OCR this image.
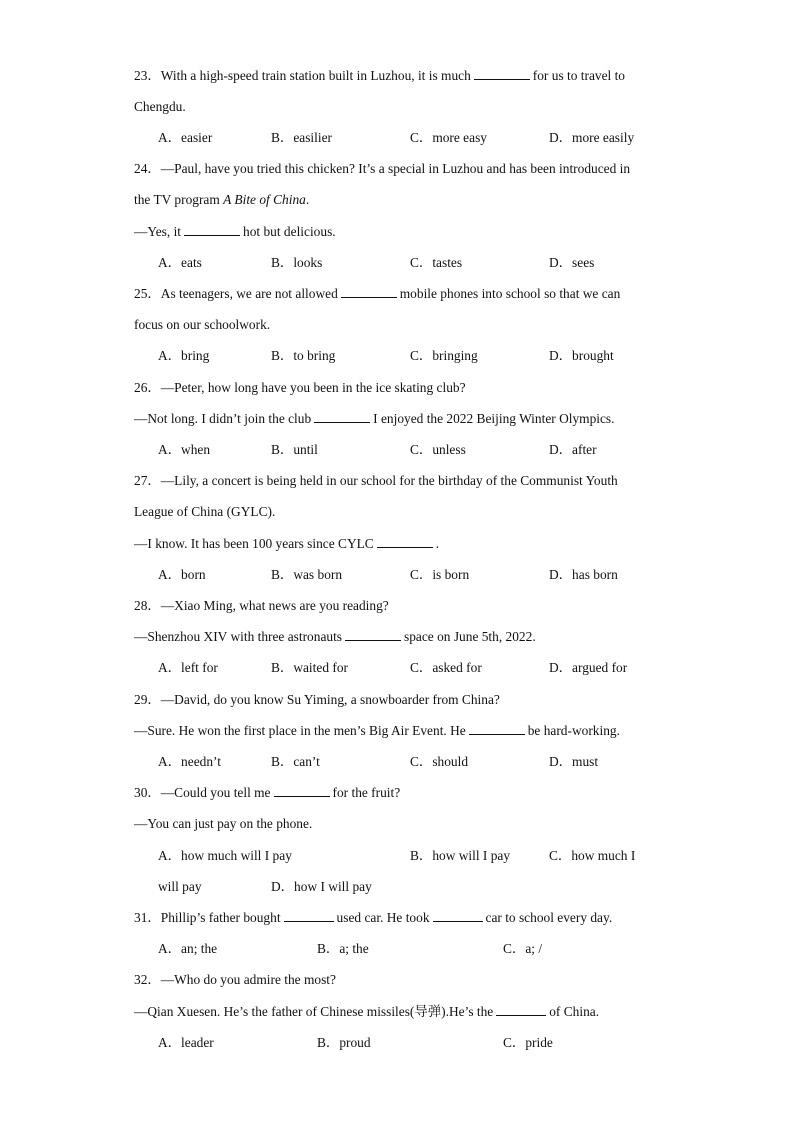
23．With a high-speed train station built in Luzhou, it is much	for us to travel to
Chengdu.
A．easier	B．easilier	C．more easy	D．more easily
24．—Paul, have you tried this chicken? It’s a special in Luzhou and has been introduced in
the TV program A Bite of China.
—Yes, it	hot but delicious.
A．eats	B．looks	C．tastes	D．sees
25．As teenagers, we are not allowed	mobile phones into school so that we can
focus on our schoolwork.
A．bring	B．to bring	C．bringing	D．brought
26．—Peter, how long have you been in the ice skating club?
—Not long. I didn’t join the club	I enjoyed the 2022 Beijing Winter Olympics.
A．when	B．until	C．unless	D．after
27．—Lily, a concert is being held in our school for the birthday of the Communist Youth
League of China (GYLC).
—I know. It has been 100 years since CYLC	.
A．born	B．was born	C．is born	D．has born
28．—Xiao Ming, what news are you reading?
—Shenzhou XIV with three astronauts	space on June 5th, 2022.
A．left for	B．waited for	C．asked for	D．argued for
29．—David, do you know Su Yiming, a snowboarder from China?
—Sure. He won the first place in the men’s Big Air Event. He	be hard-working.
A．needn’t	B．can’t	C．should	D．must
30．—Could you tell me	for the fruit?
—You can just pay on the phone.
A．how much will I pay	B．how will I pay	C．how much I
will pay	D．how I will pay
31．Phillip’s father bought	used car. He took	car to school every day.
A．an; the	B．a; the	C．a; /
32．—Who do you admire the most?
—Qian Xuesen. He’s the father of Chinese missiles(导弹).He’s the	of China.
A．leader	B．proud	C．pride
